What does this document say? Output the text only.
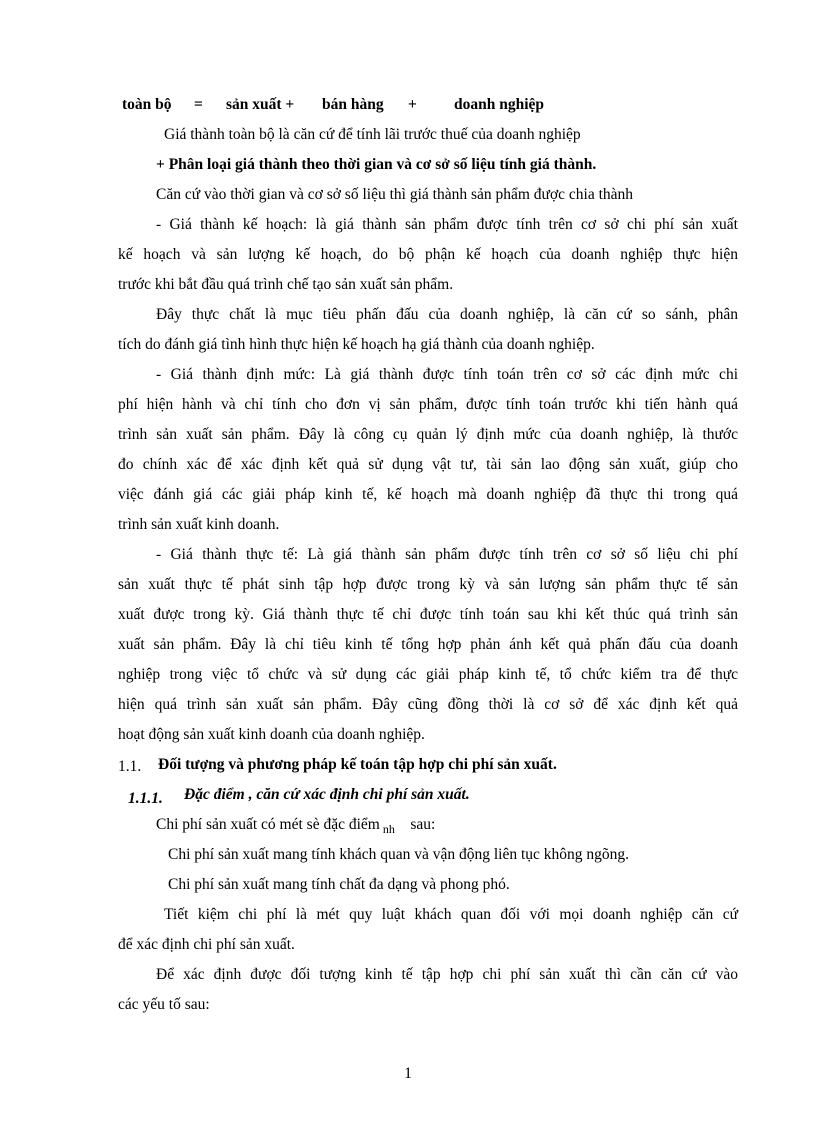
toàn bộ = sản xuất + bán hàng + doanh nghiệp
Giá thành toàn bộ là căn cứ để tính lãi trước thuế của doanh nghiệp
+ Phân loại giá thành theo thời gian và cơ sở số liệu tính giá thành.
Căn cứ vào thời gian và cơ sở số liệu thì giá thành sản phẩm được chia thành
- Giá thành kế hoạch: là giá thành sản phẩm được tính trên cơ sở chi phí sản xuất
kế hoạch và sản lượng kế hoạch, do bộ phận kế hoạch của doanh nghiệp thực hiện
trước khi bắt đầu quá trình chế tạo sản xuất sản phẩm.
Đây thực chất là mục tiêu phấn đấu của doanh nghiệp, là căn cứ so sánh, phân
tích do đánh giá tình hình thực hiện kế hoạch hạ giá thành của doanh nghiệp.
- Giá thành định mức: Là giá thành được tính toán trên cơ sở các định mức chi
phí hiện hành và chỉ tính cho đơn vị sản phẩm, được tính toán trước khi tiến hành quá
trình sản xuất sản phẩm. Đây là công cụ quản lý định mức của doanh nghiệp, là thước
đo chính xác để xác định kết quả sử dụng vật tư, tài sản lao động sản xuất, giúp cho
việc đánh giá các giải pháp kinh tế, kế hoạch mà doanh nghiệp đã thực thi trong quá
trình sản xuất kinh doanh.
- Giá thành thực tế: Là giá thành sản phẩm được tính trên cơ sở số liệu chi phí
sản xuất thực tế phát sinh tập hợp được trong kỳ và sản lượng sản phẩm thực tế sản
xuất được trong kỳ. Giá thành thực tế chỉ được tính toán sau khi kết thúc quá trình sản
xuất sản phẩm. Đây là chỉ tiêu kinh tế tổng hợp phản ánh kết quả phấn đấu của doanh
nghiệp trong việc tổ chức và sử dụng các giải pháp kinh tế, tổ chức kiểm tra để thực
hiện quá trình sản xuất sản phẩm. Đây cũng đồng thời là cơ sở để xác định kết quả
hoạt động sản xuất kinh doanh của doanh nghiệp.
1.1. Đối tượng và phương pháp kế toán tập hợp chi phí sản xuất.
1.1.1. Đặc điểm , căn cứ xác định chi phí sản xuất.
Chi phí sản xuất có mét sè đặc điểm $_{nh}$ sau:
Chi phí sản xuất mang tính khách quan và vận động liên tục không ngõng.
Chi phí sản xuất mang tính chất đa dạng và phong phó.
Tiết kiệm chi phí là mét quy luật khách quan đối với mọi doanh nghiệp căn cứ
để xác định chi phí sản xuất.
Để xác định được đối tượng kinh tế tập hợp chi phí sản xuất thì cần căn cứ vào
các yếu tố sau:
1
